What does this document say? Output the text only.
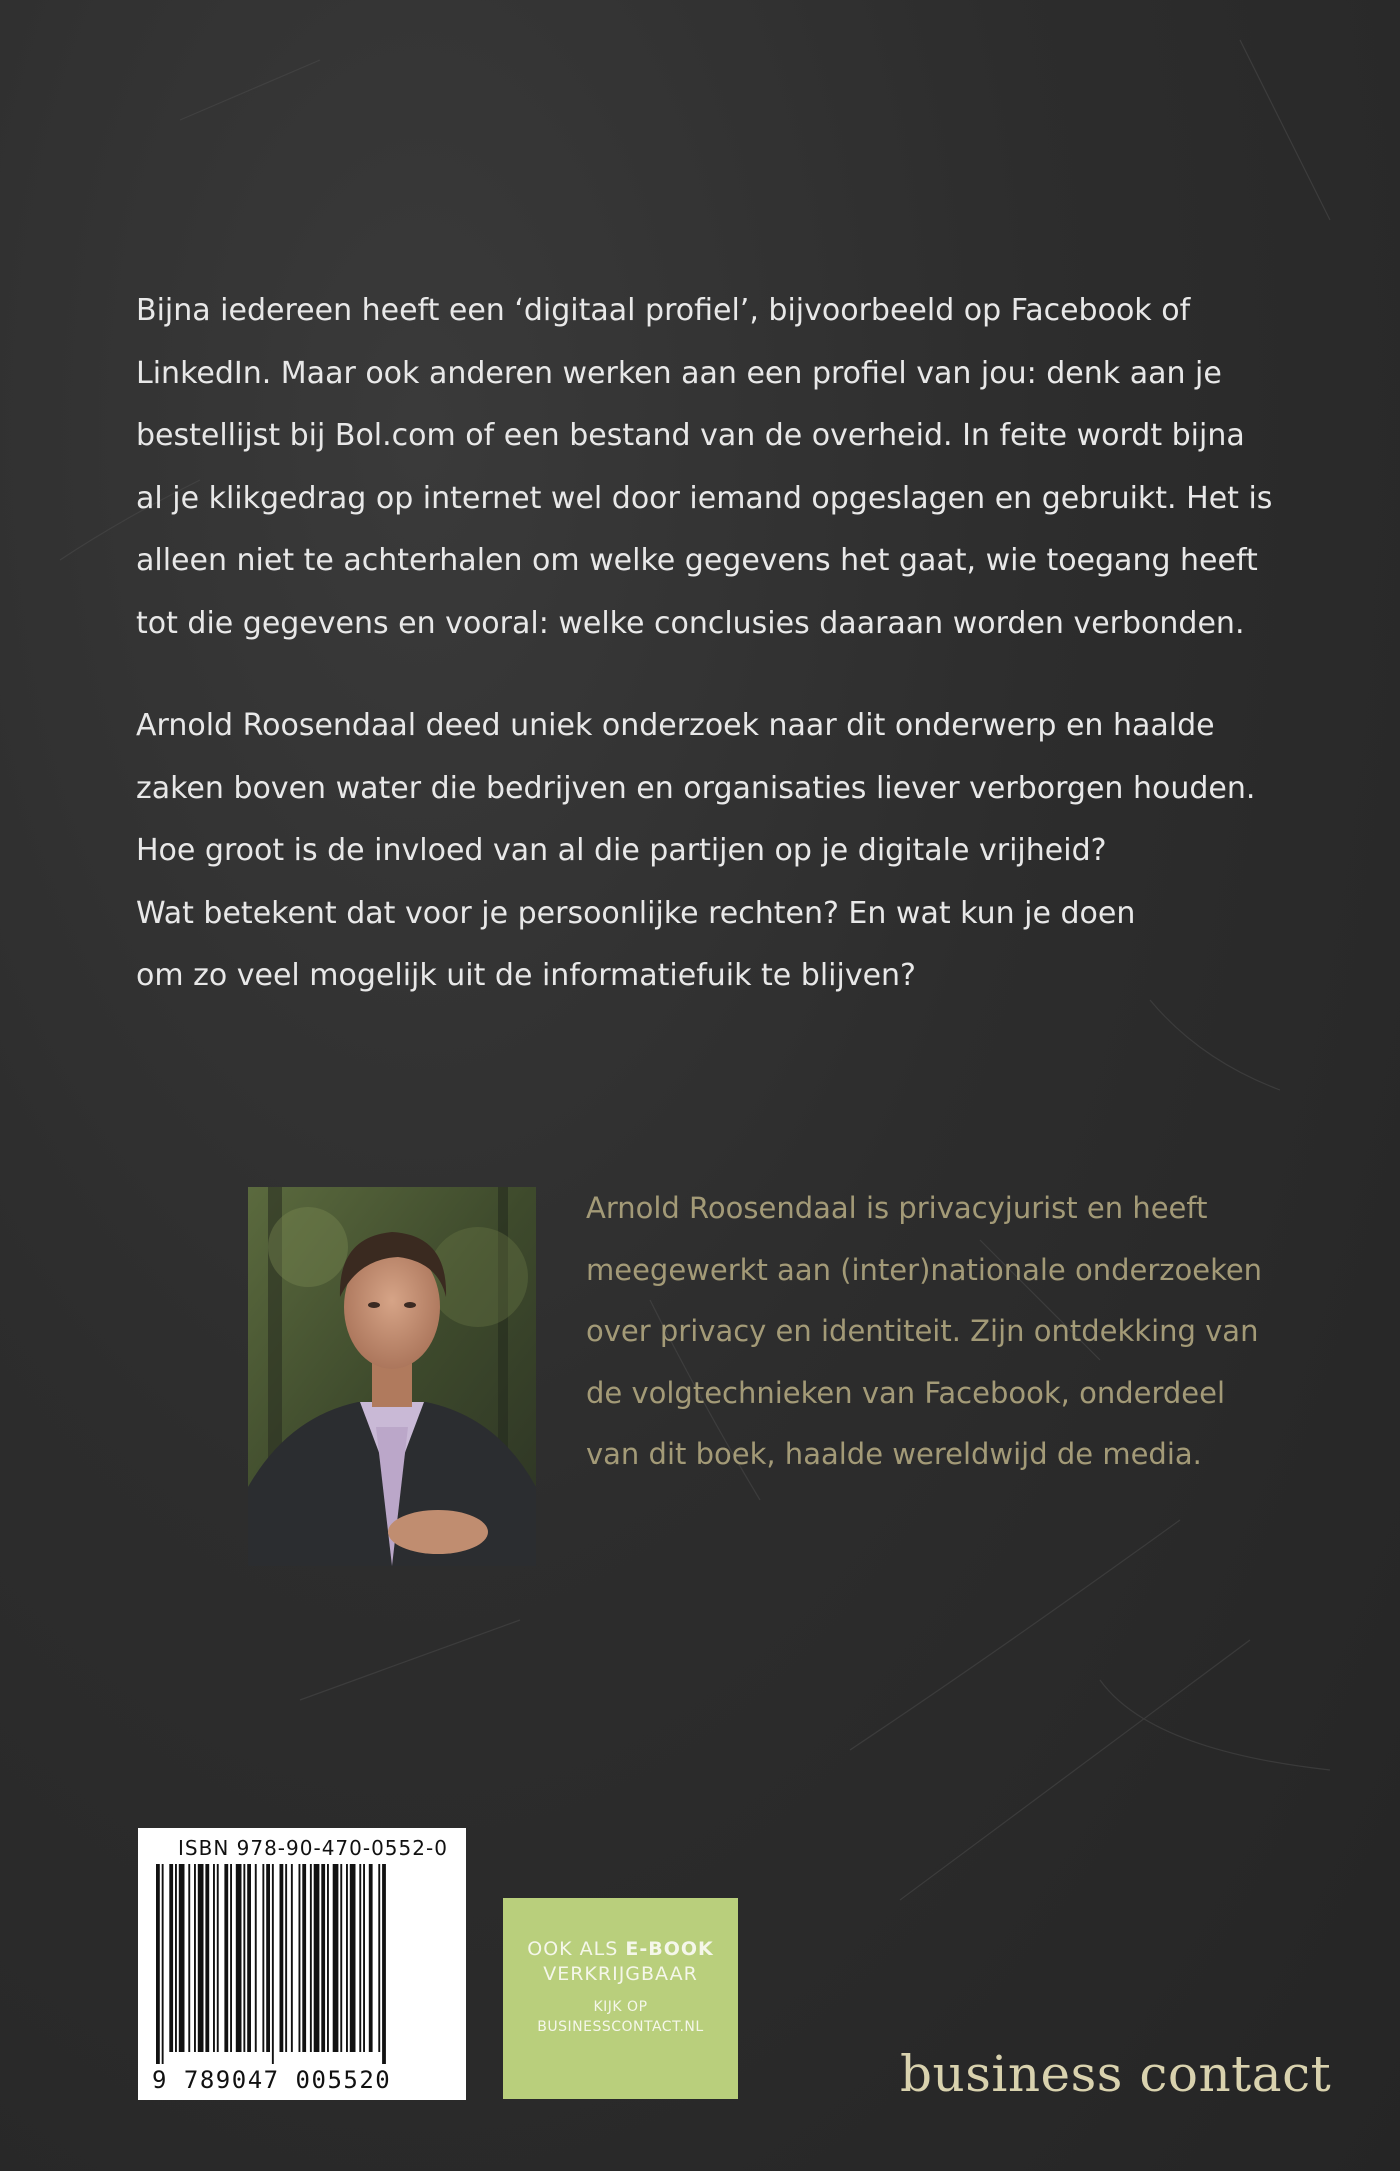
Bijna iedereen heeft een ‘digitaal profiel’, bijvoorbeeld op Facebook of

LinkedIn. Maar ook anderen werken aan een profiel van jou: denk aan je

bestellijst bij Bol.com of een bestand van de overheid. In feite wordt bijna

al je klikgedrag op internet wel door iemand opgeslagen en gebruikt. Het is

alleen niet te achterhalen om welke gegevens het gaat, wie toegang heeft

tot die gegevens en vooral: welke conclusies daaraan worden verbonden.

Arnold Roosendaal deed uniek onderzoek naar dit onderwerp en haalde

zaken boven water die bedrijven en organisaties liever verborgen houden.

Hoe groot is de invloed van al die partijen op je digitale vrijheid?

Wat betekent dat voor je persoonlijke rechten? En wat kun je doen

om zo veel mogelijk uit de informatiefuik te blijven?

Arnold Roosendaal is privacyjurist en heeft

meegewerkt aan (inter)nationale onderzoeken

over privacy en identiteit. Zijn ontdekking van

de volgtechnieken van Facebook, onderdeel

van dit boek, haalde wereldwijd de media.

ISBN 978-90-470-0552-0
9 789047 005520
OOK ALS E-BOOK
VERKRIJGBAAR
KIJK OP
BUSINESSCONTACT.NL
business contact
